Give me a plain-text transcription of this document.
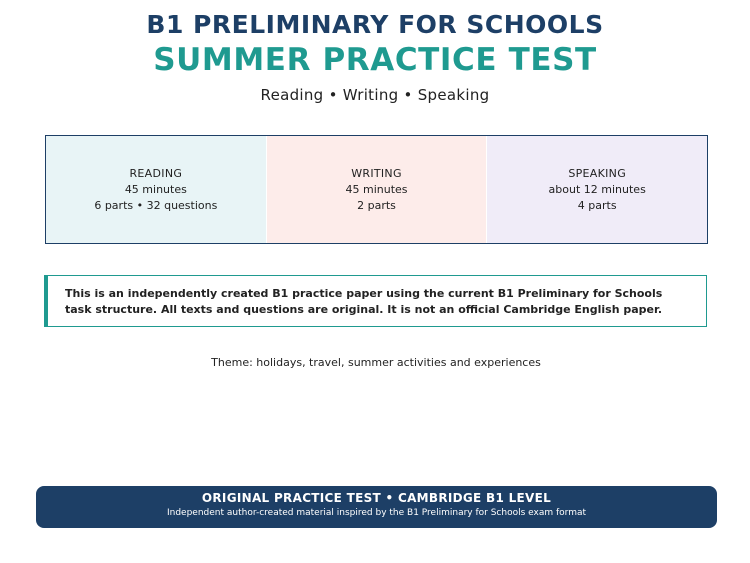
B1 PRELIMINARY FOR SCHOOLS
SUMMER PRACTICE TEST
Reading • Writing • Speaking
READING
45 minutes
6 parts • 32 questions
WRITING
45 minutes
2 parts
SPEAKING
about 12 minutes
4 parts
This is an independently created B1 practice paper using the current B1 Preliminary for Schools
task structure. All texts and questions are original. It is not an official Cambridge English paper.
Theme: holidays, travel, summer activities and experiences
ORIGINAL PRACTICE TEST • CAMBRIDGE B1 LEVEL
Independent author-created material inspired by the B1 Preliminary for Schools exam format
